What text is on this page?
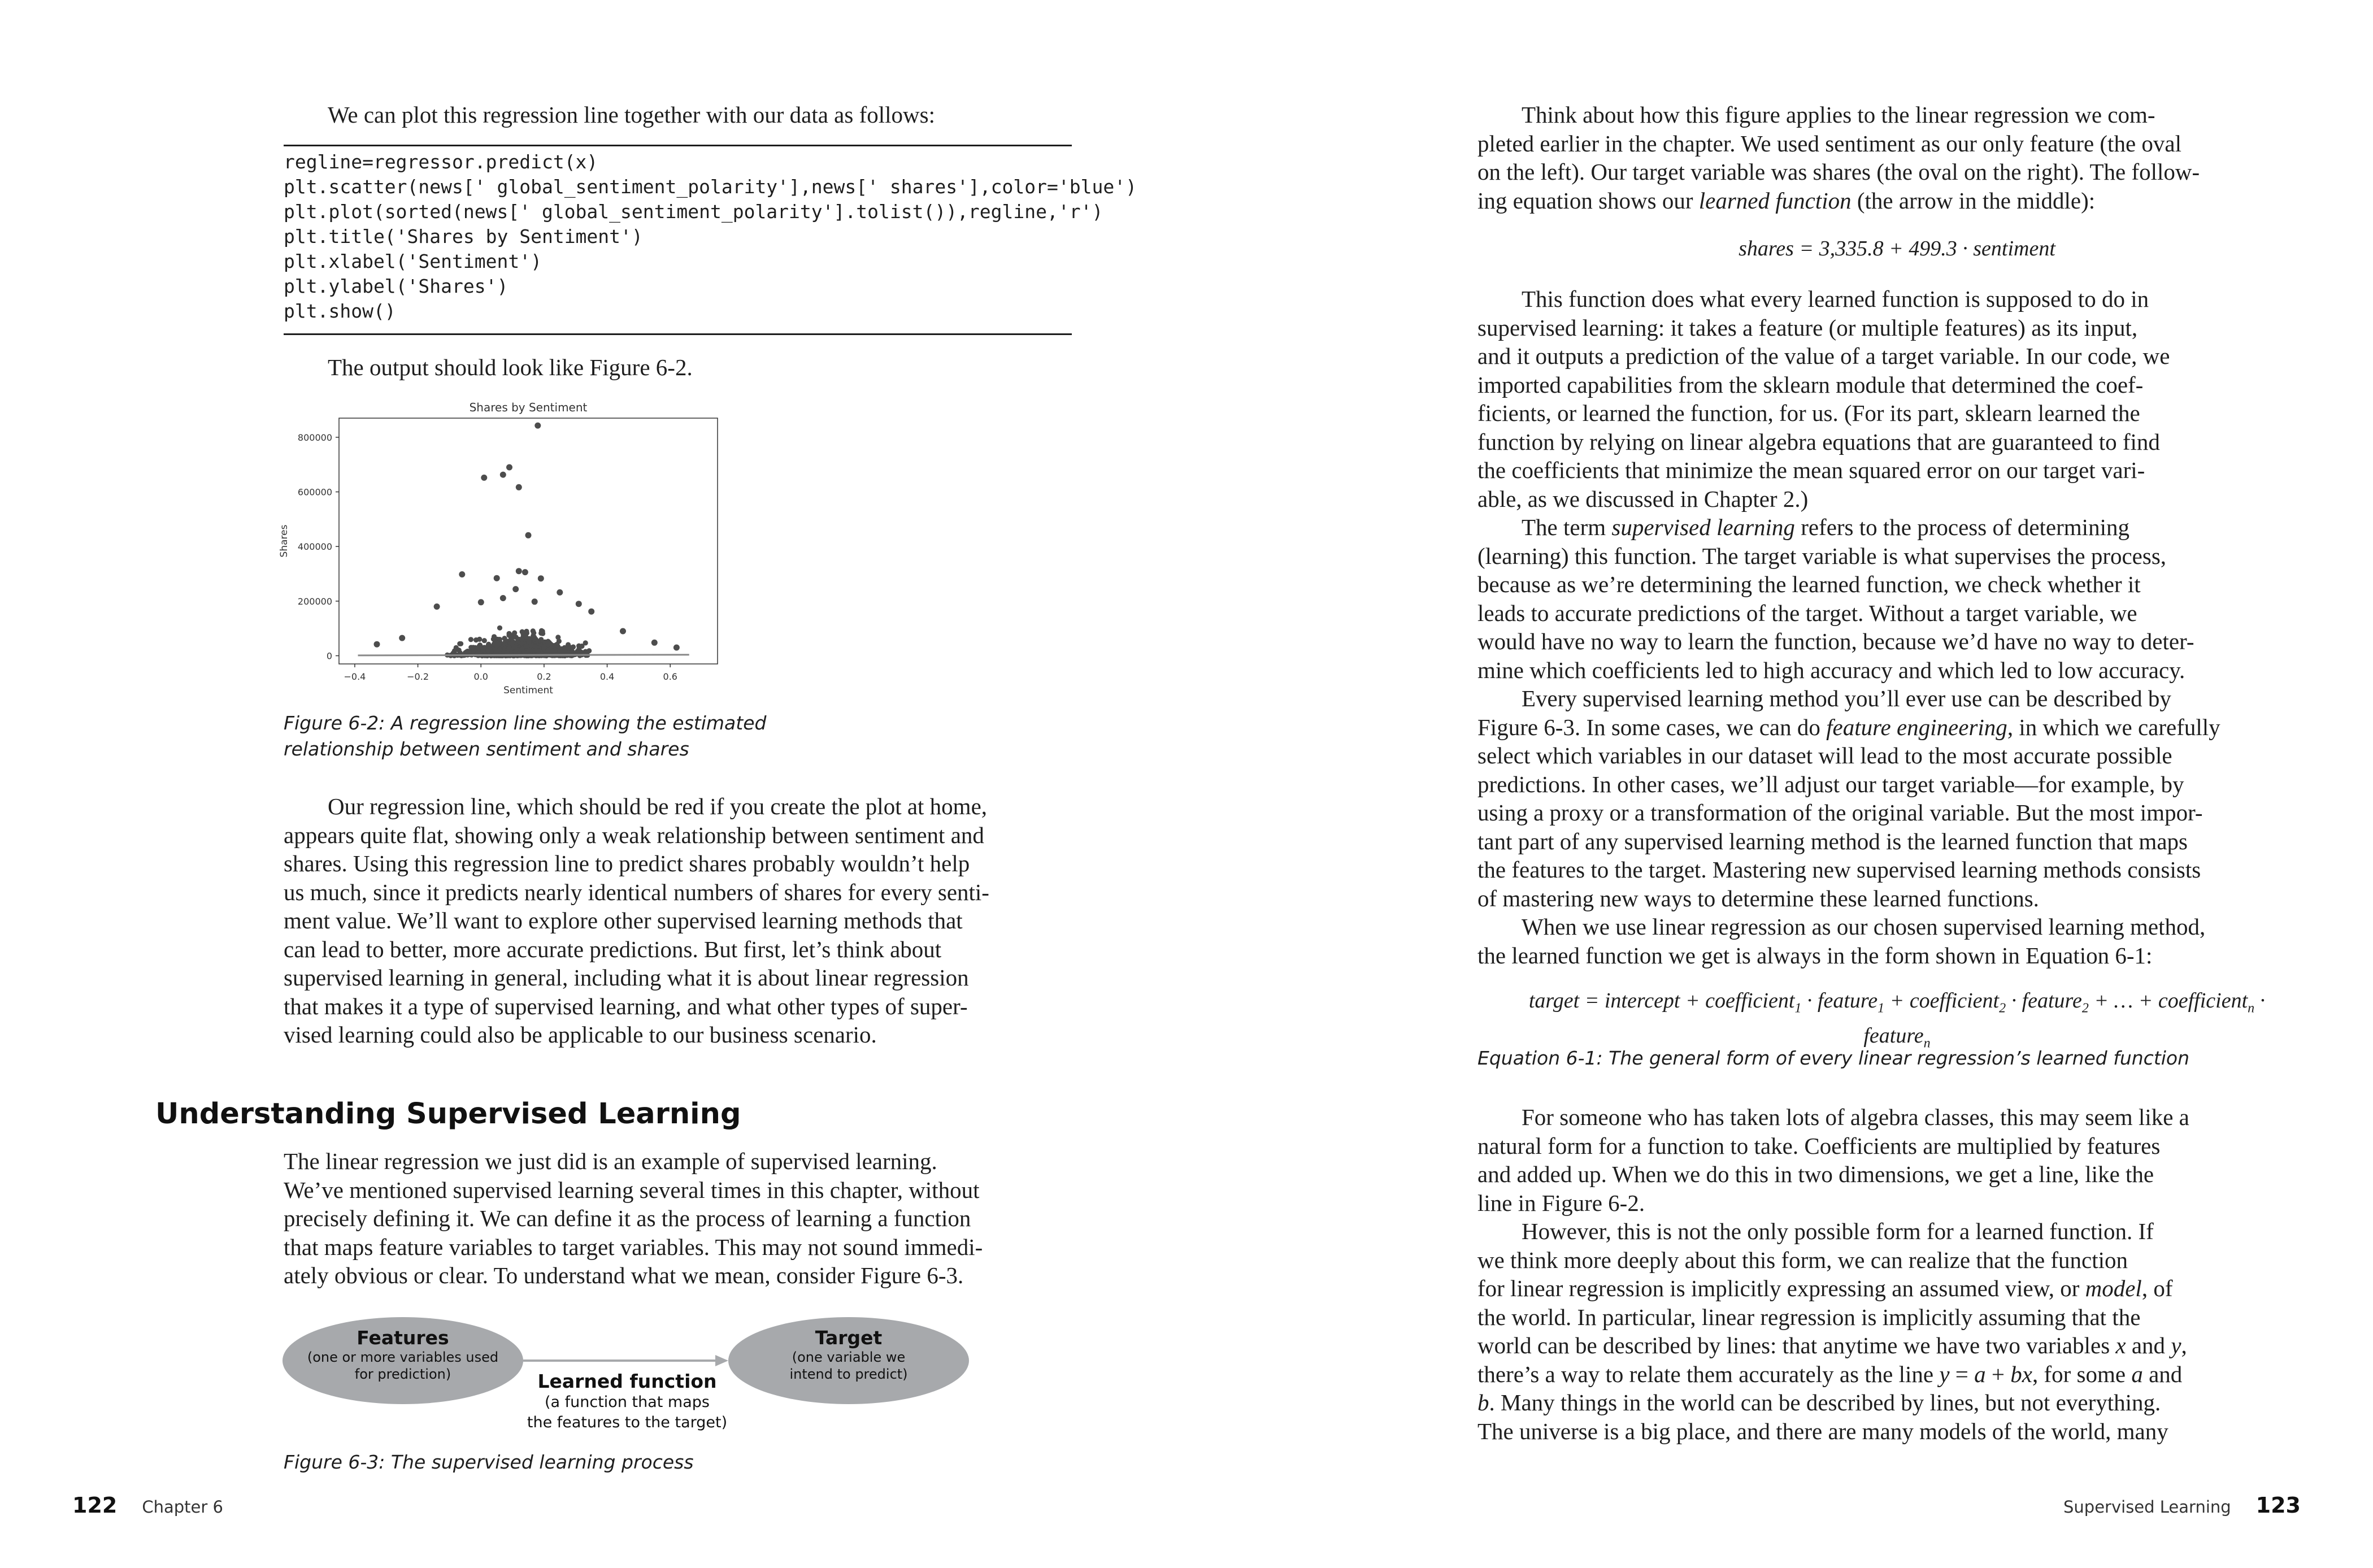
We can plot this regression line together with our data as follows:

regline=regressor.predict(x)
plt.scatter(news[' global_sentiment_polarity'],news[' shares'],color='blue')
plt.plot(sorted(news[' global_sentiment_polarity'].tolist()),regline,'r')
plt.title('Shares by Sentiment')
plt.xlabel('Sentiment')
plt.ylabel('Shares')
plt.show()

The output should look like Figure 6-2.

Shares by Sentiment
−0.4	−0.2	0.0	0.2	0.4	0.6
0
200000
400000
600000
800000
Sentiment
Shares
Figure 6-2: A regression line showing the estimated
relationship between sentiment and shares

Our regression line, which should be red if you create the plot at home,

appears quite flat, showing only a weak relationship between sentiment and

shares. Using this regression line to predict shares probably wouldn’t help

us much, since it predicts nearly identical numbers of shares for every senti-

ment value. We’ll want to explore other supervised learning methods that

can lead to better, more accurate predictions. But first, let’s think about

supervised learning in general, including what it is about linear regression

that makes it a type of supervised learning, and what other types of super-

vised learning could also be applicable to our business scenario.

Understanding Supervised Learning

The linear regression we just did is an example of supervised learning.

We’ve mentioned supervised learning several times in this chapter, without

precisely defining it. We can define it as the process of learning a function

that maps feature variables to target variables. This may not sound immedi-

ately obvious or clear. To understand what we mean, consider Figure 6-3.

Features
(one or more variables used
for prediction)
Target
(one variable we
intend to predict)
Learned function
(a function that maps
the features to the target)
Figure 6-3: The supervised learning process
122 Chapter 6

Think about how this figure applies to the linear regression we com-

pleted earlier in the chapter. We used sentiment as our only feature (the oval

on the left). Our target variable was shares (the oval on the right). The follow-

ing equation shows our learned function (the arrow in the middle):

shares = 3,335.8 + 499.3 · sentiment

This function does what every learned function is supposed to do in

supervised learning: it takes a feature (or multiple features) as its input,

and it outputs a prediction of the value of a target variable. In our code, we

imported capabilities from the sklearn module that determined the coef-

ficients, or learned the function, for us. (For its part, sklearn learned the

function by relying on linear algebra equations that are guaranteed to find

the coefficients that minimize the mean squared error on our target vari-

able, as we discussed in Chapter 2.)

The term supervised learning refers to the process of determining

(learning) this function. The target variable is what supervises the process,

because as we’re determining the learned function, we check whether it

leads to accurate predictions of the target. Without a target variable, we

would have no way to learn the function, because we’d have no way to deter-

mine which coefficients led to high accuracy and which led to low accuracy.

Every supervised learning method you’ll ever use can be described by

Figure 6-3. In some cases, we can do feature engineering, in which we carefully

select which variables in our dataset will lead to the most accurate possible

predictions. In other cases, we’ll adjust our target variable—for example, by

using a proxy or a transformation of the original variable. But the most impor-

tant part of any supervised learning method is the learned function that maps

the features to the target. Mastering new supervised learning methods consists

of mastering new ways to determine these learned functions.

When we use linear regression as our chosen supervised learning method,

the learned function we get is always in the form shown in Equation 6-1:

target = intercept + coefficient$_1$ · feature$_1$ + coefficient$_2$ · feature$_2$ + … + coefficient$_n$ ·
feature$_n$
Equation 6-1: The general form of every linear regression’s learned function

For someone who has taken lots of algebra classes, this may seem like a

natural form for a function to take. Coefficients are multiplied by features

and added up. When we do this in two dimensions, we get a line, like the

line in Figure 6-2.

However, this is not the only possible form for a learned function. If

we think more deeply about this form, we can realize that the function

for linear regression is implicitly expressing an assumed view, or model, of

the world. In particular, linear regression is implicitly assuming that the

world can be described by lines: that anytime we have two variables x and y,

there’s a way to relate them accurately as the line y = a + bx, for some a and

b. Many things in the world can be described by lines, but not everything.

The universe is a big place, and there are many models of the world, many

Supervised Learning 123
